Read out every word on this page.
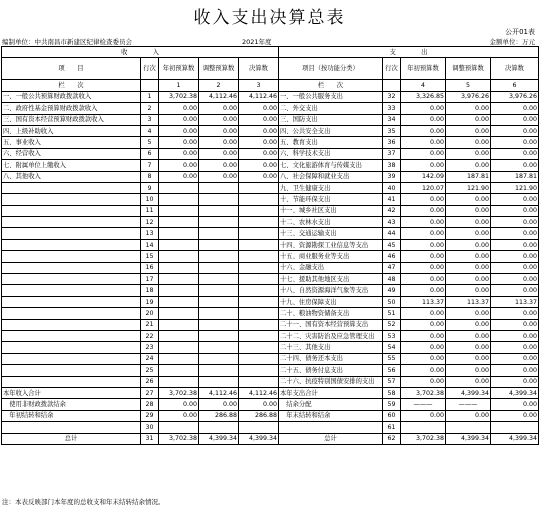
收入支出决算总表
公开01表
编制单位：中共南昌市新建区纪律检查委员会	2021年度	金额单位：万元
收　　　　入					支　　　　出				
项　　目	行次	年初预算数	调整预算数	决算数	项目（按功能分类）	行次	年初预算数	调整预算数	决算数
栏　　次		1	2	3	栏　　次		4	5	6
一、一般公共预算财政拨款收入	1	3,702.38	4,112.46	4,112.46	一、一般公共服务支出	32	3,326.85	3,976.26	3,976.26
二、政府性基金预算财政拨款收入	2	0.00	0.00	0.00	二、外交支出	33	0.00	0.00	0.00
三、国有资本经营预算财政拨款收入	3	0.00	0.00	0.00	三、国防支出	34	0.00	0.00	0.00
四、上级补助收入	4	0.00	0.00	0.00	四、公共安全支出	35	0.00	0.00	0.00
五、事业收入	5	0.00	0.00	0.00	五、教育支出	36	0.00	0.00	0.00
六、经营收入	6	0.00	0.00	0.00	六、科学技术支出	37	0.00	0.00	0.00
七、附属单位上缴收入	7	0.00	0.00	0.00	七、文化旅游体育与传媒支出	38	0.00	0.00	0.00
八、其他收入	8	0.00	0.00	0.00	八、社会保障和就业支出	39	142.09	187.81	187.81
	9				九、卫生健康支出	40	120.07	121.90	121.90
	10				十、节能环保支出	41	0.00	0.00	0.00
	11				十一、城乡社区支出	42	0.00	0.00	0.00
	12				十二、农林水支出	43	0.00	0.00	0.00
	13				十三、交通运输支出	44	0.00	0.00	0.00
	14				十四、资源勘探工业信息等支出	45	0.00	0.00	0.00
	15				十五、商业服务业等支出	46	0.00	0.00	0.00
	16				十六、金融支出	47	0.00	0.00	0.00
	17				十七、援助其他地区支出	48	0.00	0.00	0.00
	18				十八、自然资源海洋气象等支出	49	0.00	0.00	0.00
	19				十九、住房保障支出	50	113.37	113.37	113.37
	20				二十、粮油物资储备支出	51	0.00	0.00	0.00
	21				二十一、国有资本经营预算支出	52	0.00	0.00	0.00
	22				二十二、灾害防治及应急管理支出	53	0.00	0.00	0.00
	23				二十三、其他支出	54	0.00	0.00	0.00
	24				二十四、债务还本支出	55	0.00	0.00	0.00
	25				二十五、债务付息支出	56	0.00	0.00	0.00
	26				二十六、抗疫特别国债安排的支出	57	0.00	0.00	0.00
本年收入合计	27	3,702.38	4,112.46	4,112.46	本年支出合计	58	3,702.38	4,399.34	4,399.34
　使用非财政拨款结余	28	0.00	0.00	0.00	　结余分配	59	———	———	0.00
　年初结转和结余	29	0.00	286.88	286.88	　年末结转和结余	60	0.00	0.00	0.00
	30					61			
总计	31	3,702.38	4,399.34	4,399.34	总计	62	3,702.38	4,399.34	4,399.34
注：本表反映部门本年度的总收支和年末结转结余情况。
